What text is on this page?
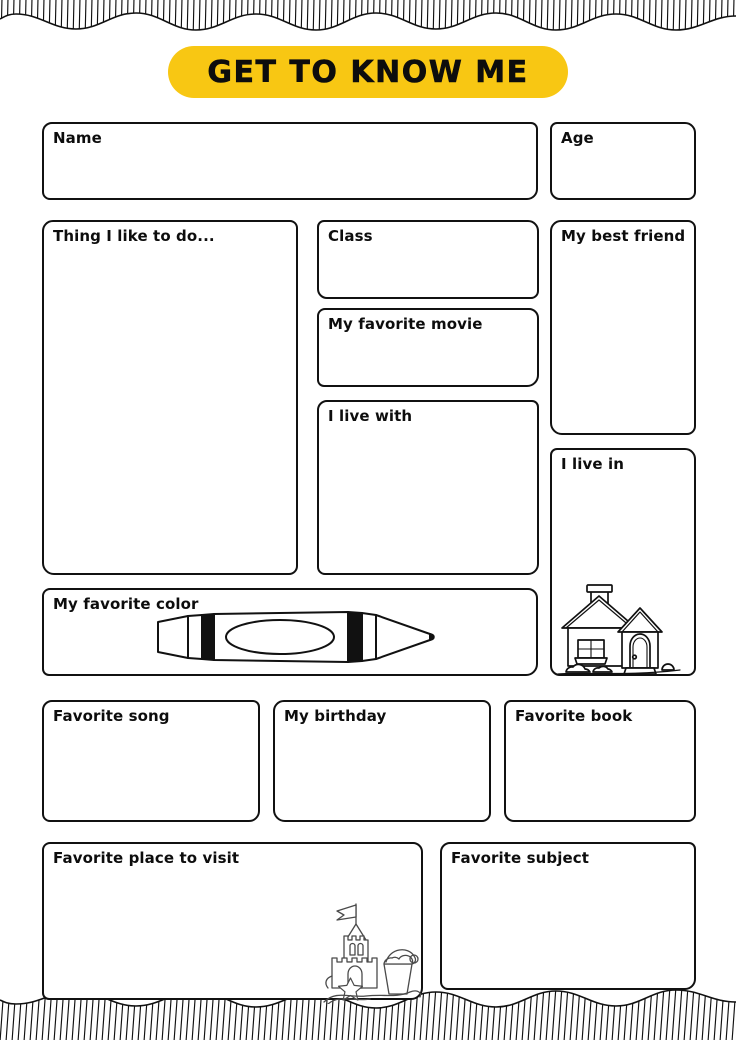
GET TO KNOW ME
Name	Age
Thing I like to do...	Class
My favorite movie
I live with
My best friend
I live in
My favorite color
Favorite song	My birthday	Favorite book
Favorite place to visit	Favorite subject
